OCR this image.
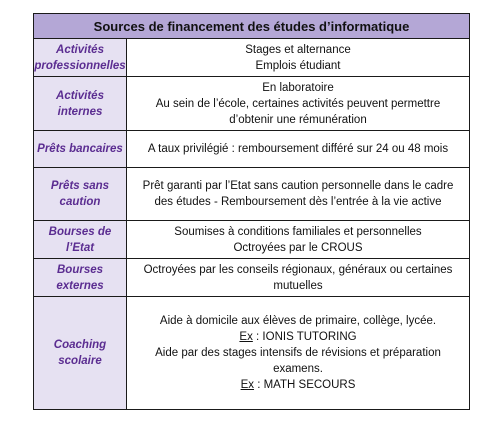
Sources de financement des études d’informatique
Activités professionnelles
Stages et alternance
Emplois étudiant
Activités internes
En laboratoire
Au sein de l’école, certaines activités peuvent permettre d’obtenir une rémunération
Prêts bancaires	A taux privilégié : remboursement différé sur 24 ou 48 mois
Prêts sans caution
Prêt garanti par l’Etat sans caution personnelle dans le cadre des études - Remboursement dès l’entrée à la vie active
Bourses de l’Etat
Soumises à conditions familiales et personnelles
Octroyées par le CROUS
Bourses externes
Octroyées par les conseils régionaux, généraux ou certaines mutuelles
Coaching scolaire
Aide à domicile aux élèves de primaire, collège, lycée.
Ex : IONIS TUTORING
Aide par des stages intensifs de révisions et préparation examens.
Ex : MATH SECOURS
